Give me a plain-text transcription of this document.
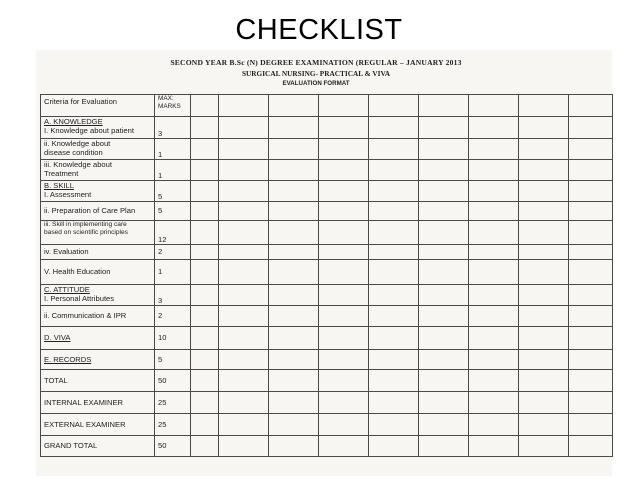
CHECKLIST
SECOND YEAR B.Sc (N) DEGREE EXAMINATION (REGULAR – JANUARY 2013
SURGICAL NURSING- PRACTICAL & VIVA
EVALUATION FORMAT
Criteria for Evaluation	MAX:
MARKS									

A. KNOWLEDGE
I. Knowledge about patient	3									

ii. Knowledge about
disease condition	1									

iii. Knowledge about
Treatment	1									

B. SKILL
I. Assessment	5									

ii. Preparation of Care Plan	5									

iii. Skill in implementing care
based on scientific principles	12									

iv. Evaluation	2									

V. Health Education	1									

C. ATTITUDE
I. Personal Attributes	3									

ii. Communication & IPR	2									

D. VIVA	10									

E. RECORDS	5									

TOTAL	50									

INTERNAL EXAMINER	25									

EXTERNAL EXAMINER	25									

GRAND TOTAL	50									
